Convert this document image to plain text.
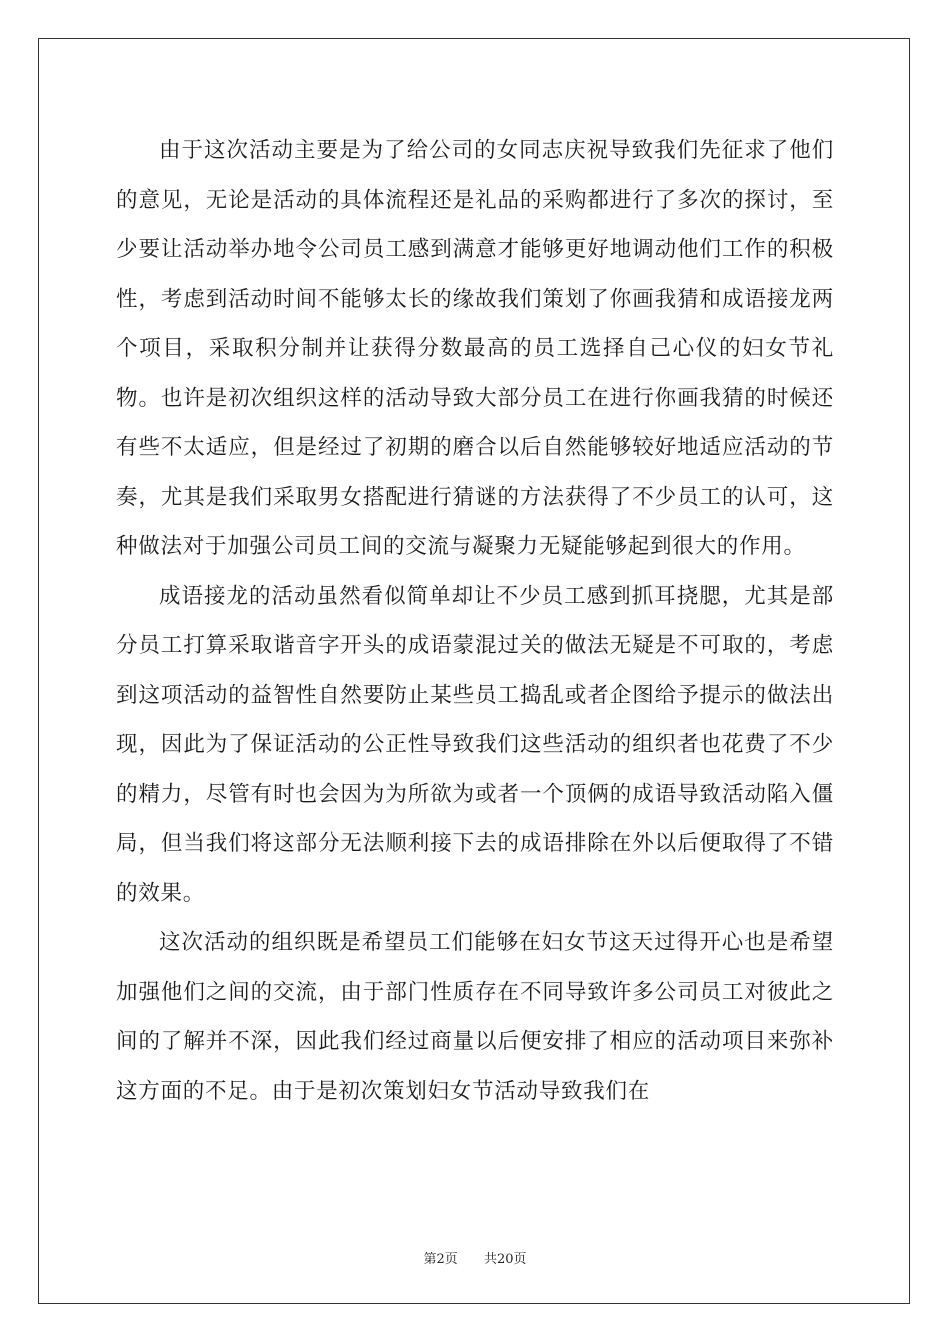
由于这次活动主要是为了给公司的女同志庆祝导致我们先征求了他们的意见，无论是活动的具体流程还是礼品的采购都进行了多次的探讨，至少要让活动举办地令公司员工感到满意才能够更好地调动他们工作的积极性，考虑到活动时间不能够太长的缘故我们策划了你画我猜和成语接龙两个项目，采取积分制并让获得分数最高的员工选择自己心仪的妇女节礼物。也许是初次组织这样的活动导致大部分员工在进行你画我猜的时候还有些不太适应，但是经过了初期的磨合以后自然能够较好地适应活动的节奏，尤其是我们采取男女搭配进行猜谜的方法获得了不少员工的认可，这种做法对于加强公司员工间的交流与凝聚力无疑能够起到很大的作用。

成语接龙的活动虽然看似简单却让不少员工感到抓耳挠腮，尤其是部分员工打算采取谐音字开头的成语蒙混过关的做法无疑是不可取的，考虑到这项活动的益智性自然要防止某些员工捣乱或者企图给予提示的做法出现，因此为了保证活动的公正性导致我们这些活动的组织者也花费了不少的精力，尽管有时也会因为为所欲为或者一个顶俩的成语导致活动陷入僵局，但当我们将这部分无法顺利接下去的成语排除在外以后便取得了不错的效果。

这次活动的组织既是希望员工们能够在妇女节这天过得开心也是希望加强他们之间的交流，由于部门性质存在不同导致许多公司员工对彼此之间的了解并不深，因此我们经过商量以后便安排了相应的活动项目来弥补这方面的不足。由于是初次策划妇女节活动导致我们在

第2页 共20页
